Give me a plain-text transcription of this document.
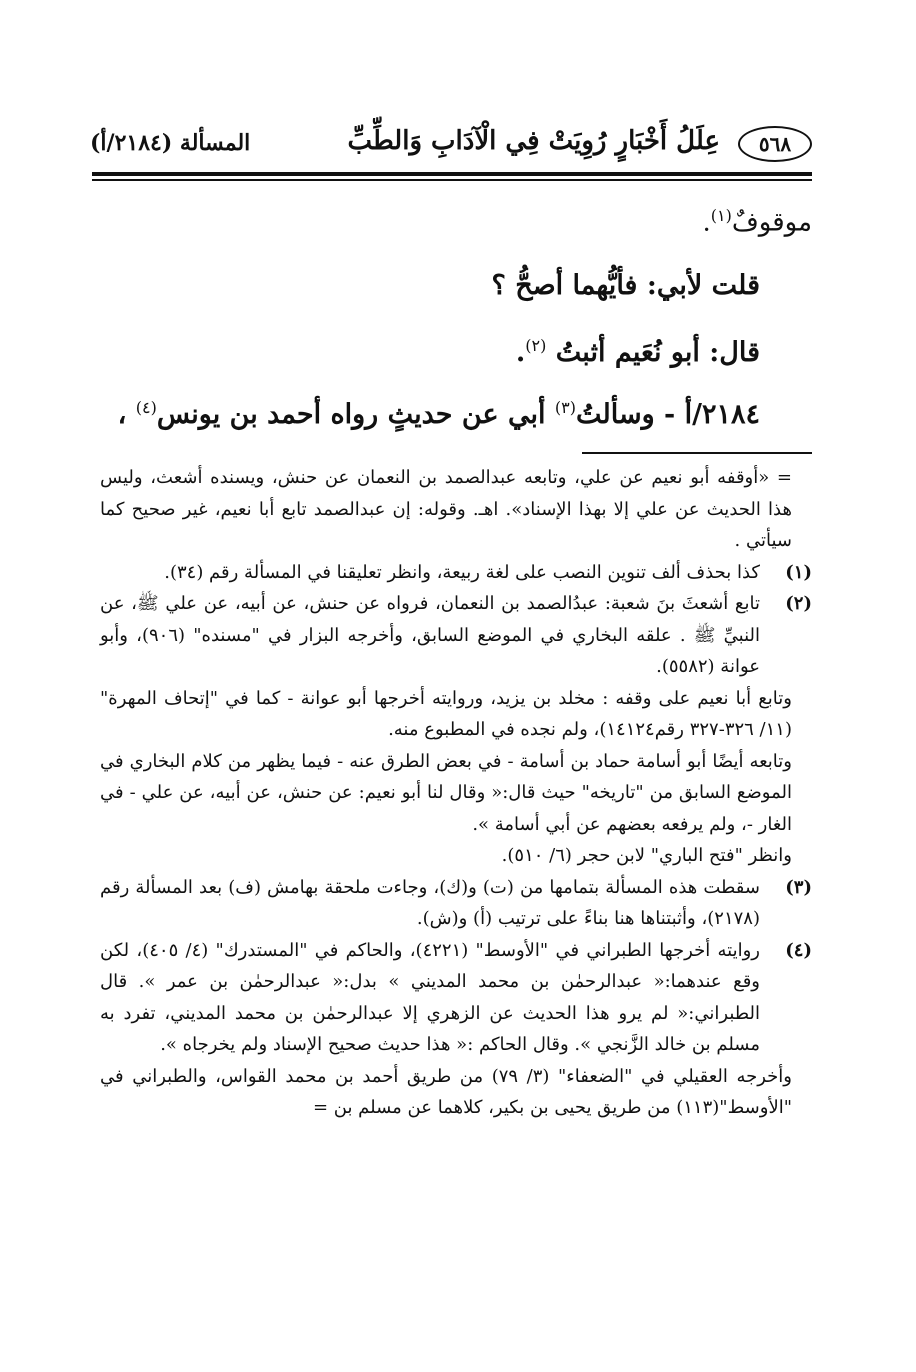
٥٦٨
عِلَلُ أَخْبَارٍ رُوِيَتْ فِي الْآدَابِ وَالطِّبِّ
المسألة (٢١٨٤/أ)
موقوفٌ$^{(١)}$.
قلت لأبي: فأيُّهما أصحُّ ؟
قال: أبو نُعَيم أثبتُ $^{(٢)}$.
٢١٨٤/أ - وسألتُ$^{(٣)}$ أبي عن حديثٍ رواه أحمد بن يونس$^{(٤)}$ ،

= «أوقفه أبو نعيم عن علي، وتابعه عبدالصمد بن النعمان عن حنش، ويسنده أشعث، وليس هذا الحديث عن علي إلا بهذا الإسناد». اهـ. وقوله: إن عبدالصمد تابع أبا نعيم، غير صحيح كما سيأتي .

(١)

كذا بحذف ألف تنوين النصب على لغة ربيعة، وانظر تعليقنا في المسألة رقم (٣٤).

(٢)

تابع أشعثَ بنَ شعبة: عبدُالصمد بن النعمان، فرواه عن حنش، عن أبيه، عن علي ﷺ، عن النبيِّ ﷺ . علقه البخاري في الموضع السابق، وأخرجه البزار في "مسنده" (٩٠٦)، وأبو عوانة (٥٥٨٢).

وتابع أبا نعيم على وقفه : مخلد بن يزيد، وروايته أخرجها أبو عوانة - كما في "إتحاف المهرة" (١١/ ٣٢٦-٣٢٧ رقم١٤١٢٤)، ولم نجده في المطبوع منه.

وتابعه أيضًا أبو أسامة حماد بن أسامة - في بعض الطرق عنه - فيما يظهر من كلام البخاري في الموضع السابق من "تاريخه" حيث قال:« وقال لنا أبو نعيم: عن حنش، عن أبيه، عن علي - في الغار -، ولم يرفعه بعضهم عن أبي أسامة ».

وانظر "فتح الباري" لابن حجر (٦/ ٥١٠).

(٣)

سقطت هذه المسألة بتمامها من (ت) و(ك)، وجاءت ملحقة بهامش (ف) بعد المسألة رقم (٢١٧٨)، وأثبتناها هنا بناءً على ترتيب (أ) و(ش).

(٤)

روايته أخرجها الطبراني في "الأوسط" (٤٢٢١)، والحاكم في "المستدرك" (٤/ ٤٠٥)، لكن وقع عندهما:« عبدالرحمٰن بن محمد المديني » بدل:« عبدالرحمٰن بن عمر ». قال الطبراني:« لم يرو هذا الحديث عن الزهري إلا عبدالرحمٰن بن محمد المديني، تفرد به مسلم بن خالد الزَّنجي ». وقال الحاكم :« هذا حديث صحيح الإسناد ولم يخرجاه ».

وأخرجه العقيلي في "الضعفاء" (٣/ ٧٩) من طريق أحمد بن محمد القواس، والطبراني في "الأوسط"(١١٣) من طريق يحيى بن بكير، كلاهما عن مسلم بن =
